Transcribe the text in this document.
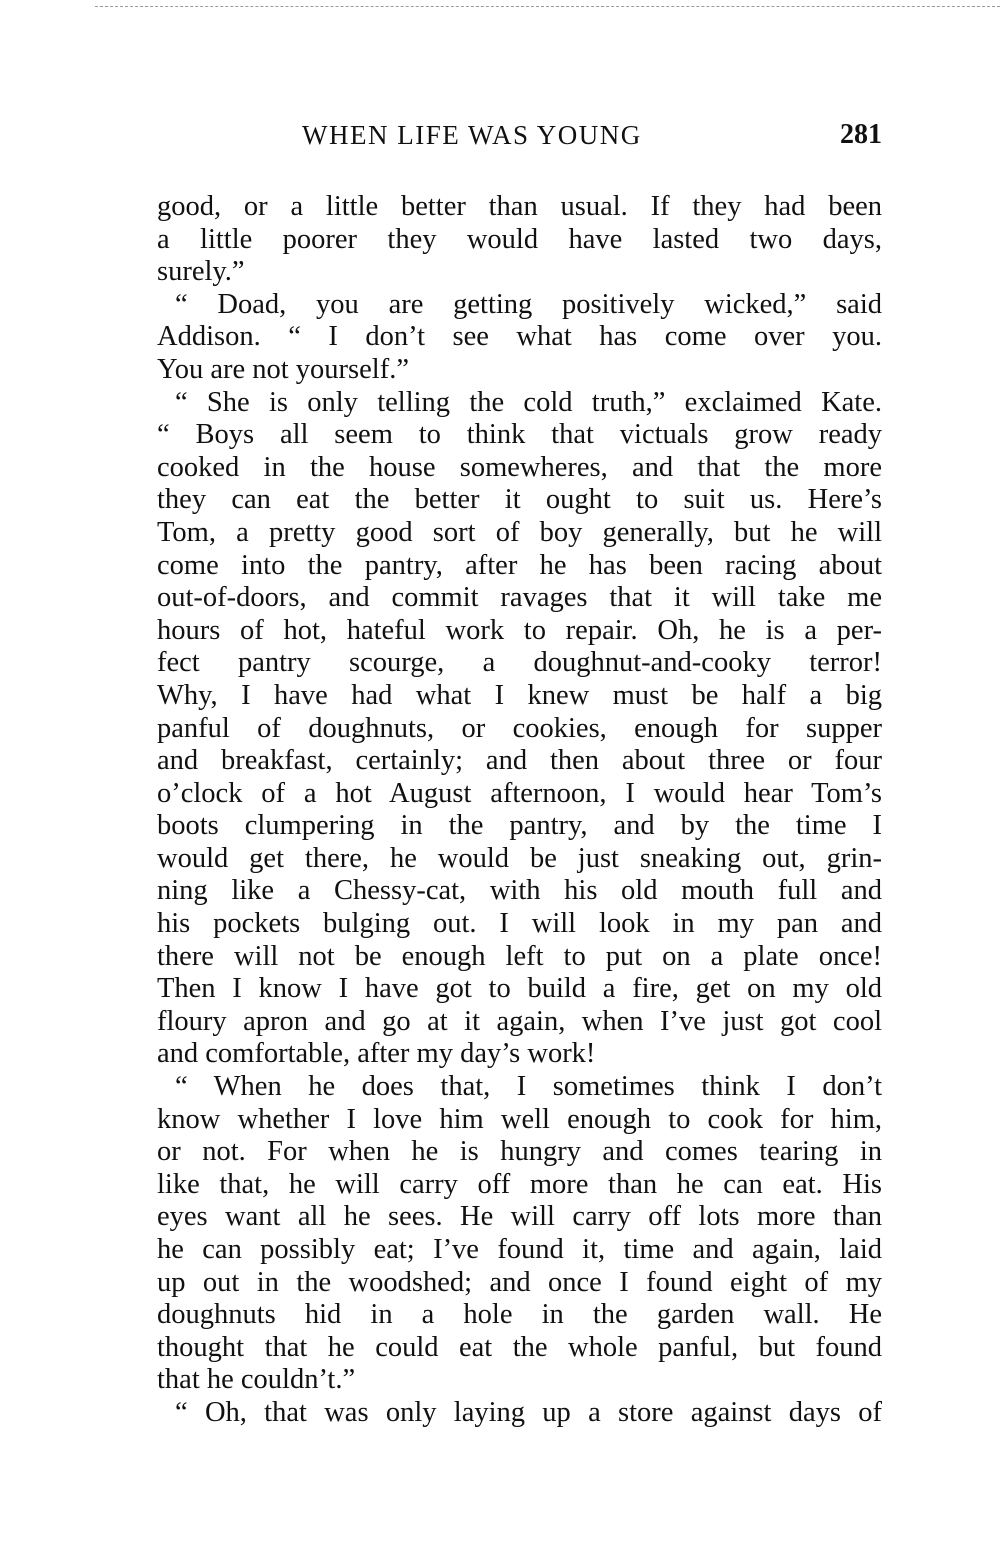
WHEN LIFE WAS YOUNG	281
good, or a little better than usual. If they had been
a little poorer they would have lasted two days,
surely.”
“ Doad, you are getting positively wicked,” said
Addison. “ I don’t see what has come over you.
You are not yourself.”
“ She is only telling the cold truth,” exclaimed Kate.
“ Boys all seem to think that victuals grow ready
cooked in the house somewheres, and that the more
they can eat the better it ought to suit us. Here’s
Tom, a pretty good sort of boy generally, but he will
come into the pantry, after he has been racing about
out-of-doors, and commit ravages that it will take me
hours of hot, hateful work to repair. Oh, he is a per-
fect pantry scourge, a doughnut-and-cooky terror!
Why, I have had what I knew must be half a big
panful of doughnuts, or cookies, enough for supper
and breakfast, certainly; and then about three or four
o’clock of a hot August afternoon, I would hear Tom’s
boots clumpering in the pantry, and by the time I
would get there, he would be just sneaking out, grin-
ning like a Chessy-cat, with his old mouth full and
his pockets bulging out. I will look in my pan and
there will not be enough left to put on a plate once!
Then I know I have got to build a fire, get on my old
floury apron and go at it again, when I’ve just got cool
and comfortable, after my day’s work!
“ When he does that, I sometimes think I don’t
know whether I love him well enough to cook for him,
or not. For when he is hungry and comes tearing in
like that, he will carry off more than he can eat. His
eyes want all he sees. He will carry off lots more than
he can possibly eat; I’ve found it, time and again, laid
up out in the woodshed; and once I found eight of my
doughnuts hid in a hole in the garden wall. He
thought that he could eat the whole panful, but found
that he couldn’t.”
“ Oh, that was only laying up a store against days of
